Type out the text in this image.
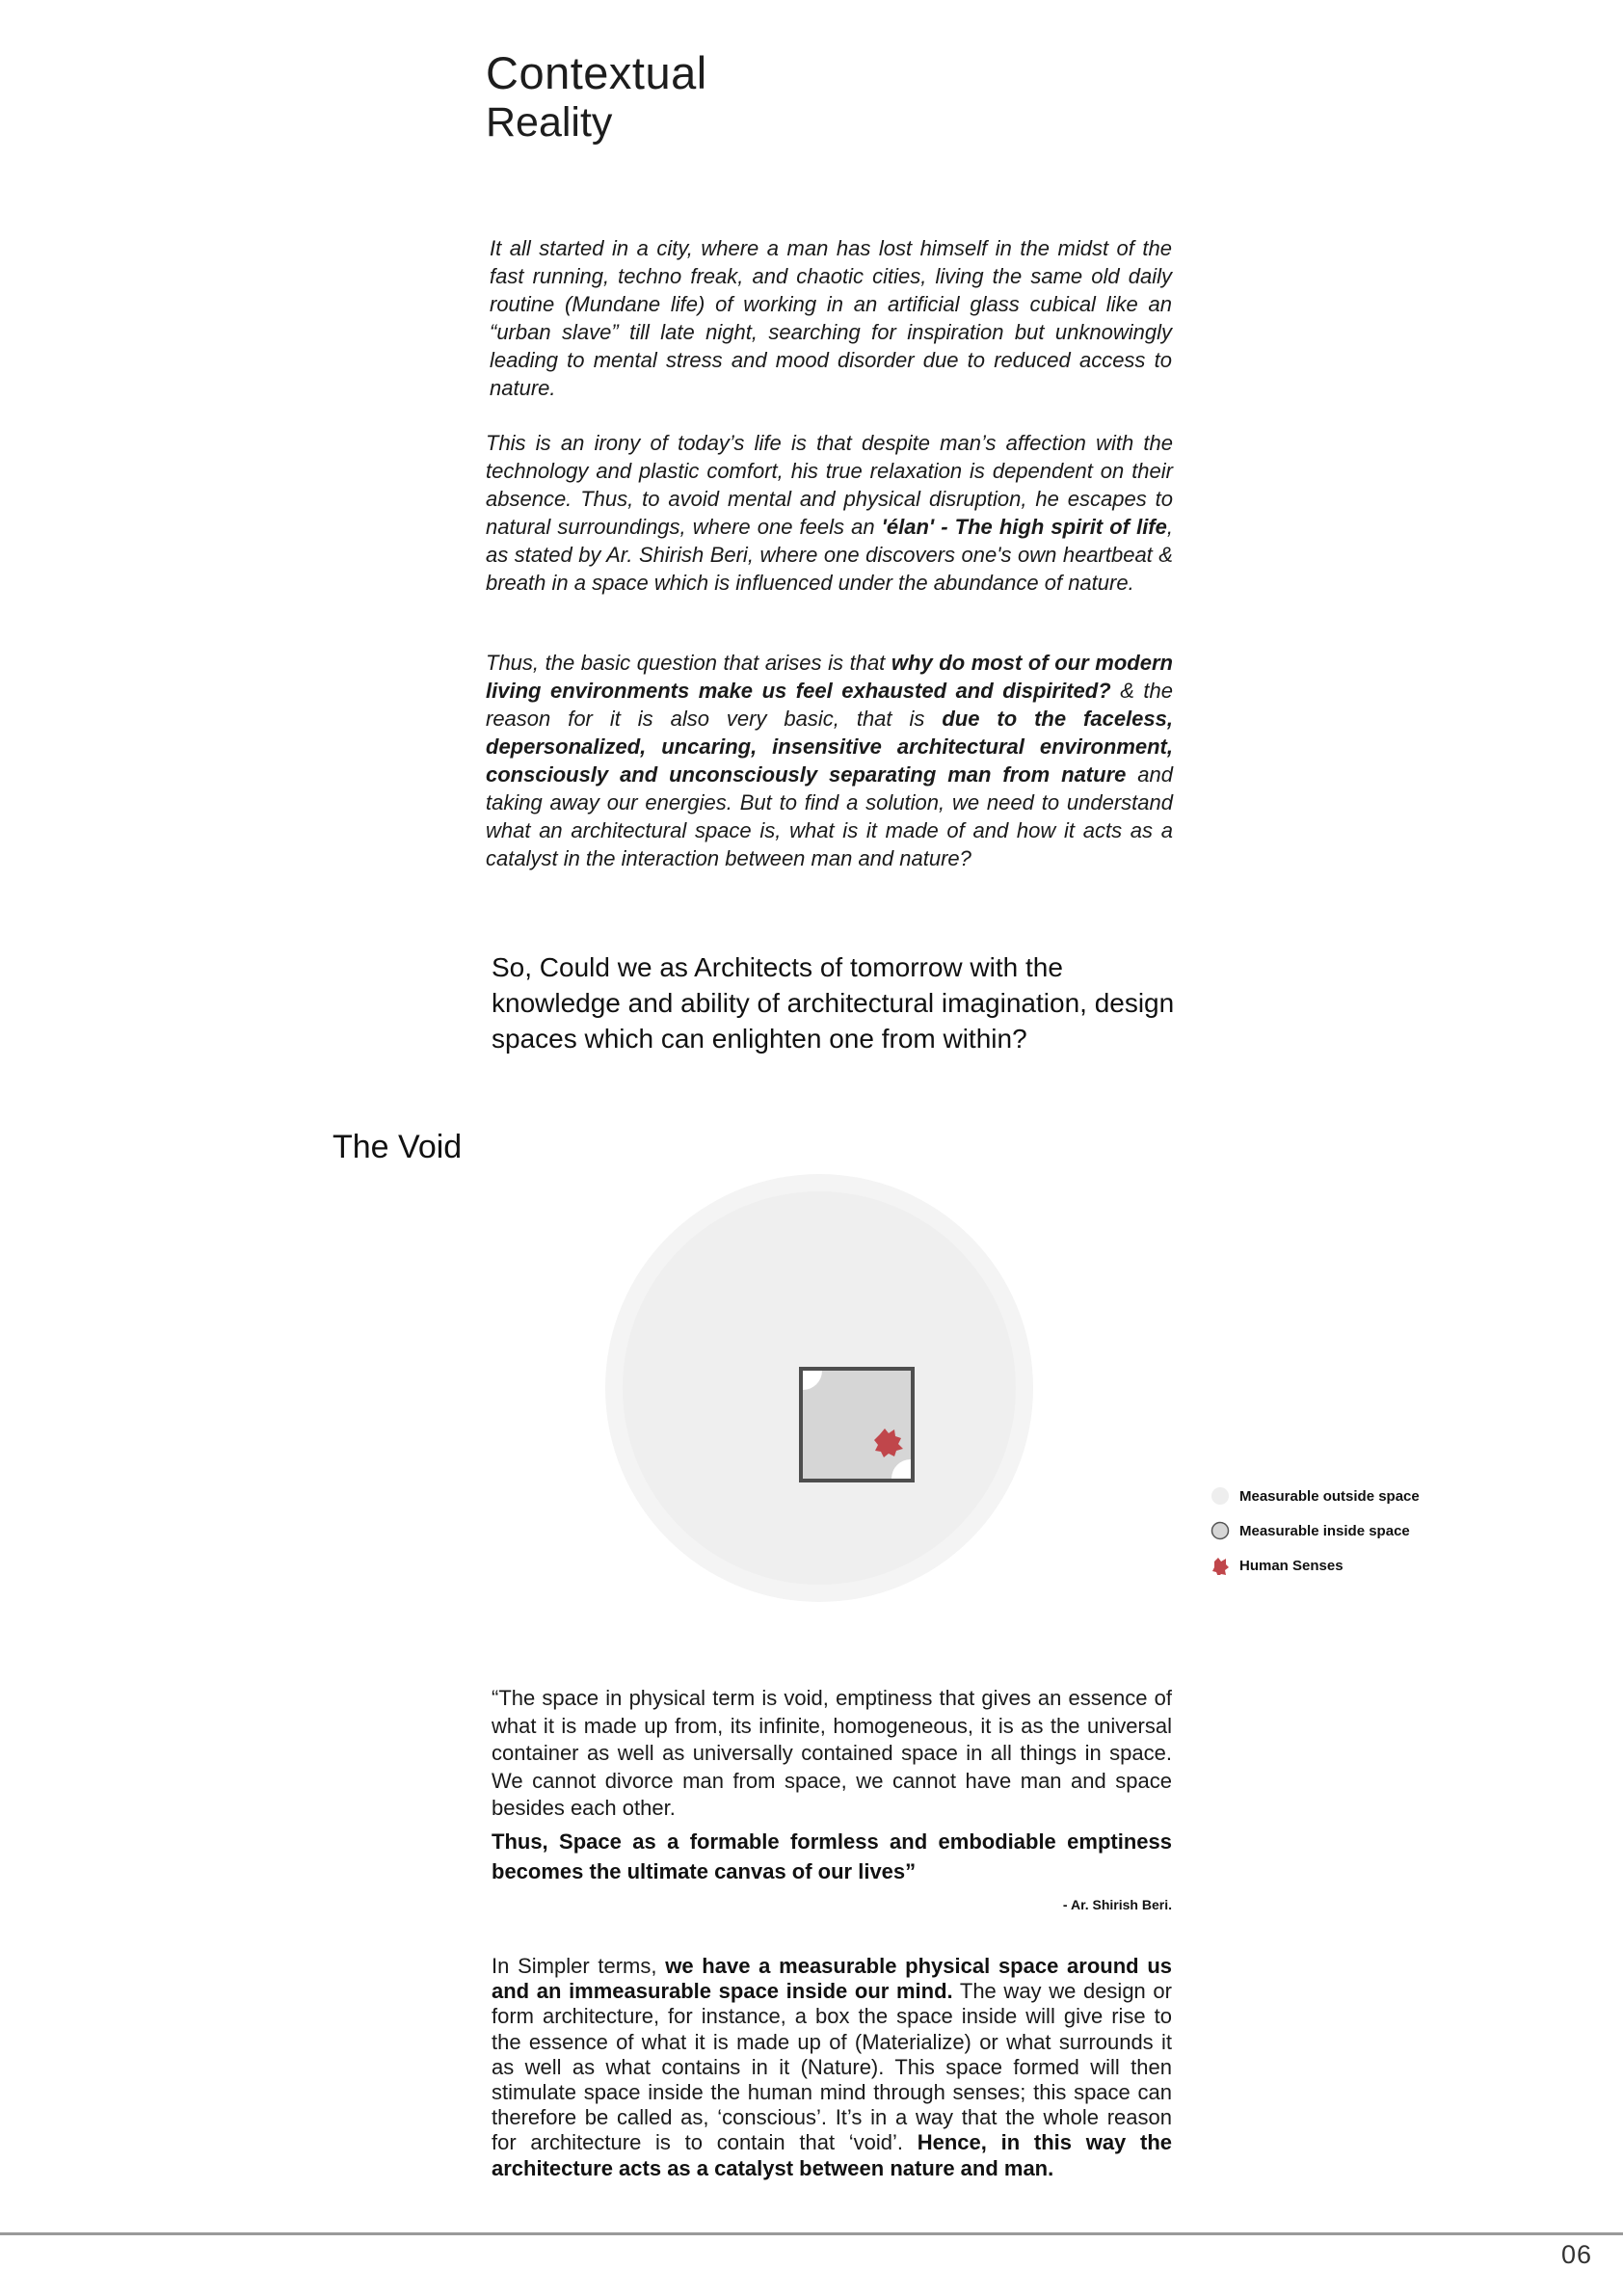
Contextual
Reality
It all started in a city, where a man has lost himself in the midst of the fast running, techno freak, and chaotic cities, living the same old daily routine (Mundane life) of working in an artificial glass cubical like an “urban slave” till late night, searching for inspiration but unknowingly leading to mental stress and mood disorder due to reduced access to nature.
This is an irony of today’s life is that despite man’s affection with the technology and plastic comfort, his true relaxation is dependent on their absence. Thus, to avoid mental and physical disruption, he escapes to natural surroundings, where one feels an 'élan' - The high spirit of life, as stated by Ar. Shirish Beri, where one discovers one's own heartbeat & breath in a space which is influenced under the abundance of nature.
Thus, the basic question that arises is that why do most of our modern living environments make us feel exhausted and dispirited? & the reason for it is also very basic, that is due to the faceless, depersonalized, uncaring, insensitive architectural environment, consciously and unconsciously separating man from nature and taking away our energies. But to find a solution, we need to understand what an architectural space is, what is it made of and how it acts as a catalyst in the interaction between man and nature?
So, Could we as Architects of tomorrow with the knowledge and ability of architectural imagination, design spaces which can enlighten one from within?
The Void
Measurable outside space
Measurable inside space
Human Senses
“The space in physical term is void, emptiness that gives an essence of what it is made up from, its infinite, homogeneous, it is as the universal container as well as universally contained space in all things in space. We cannot divorce man from space, we cannot have man and space besides each other.
Thus, Space as a formable formless and embodiable emptiness becomes the ultimate canvas of our lives”
- Ar. Shirish Beri.
In Simpler terms, we have a measurable physical space around us and an immeasurable space inside our mind. The way we design or form architecture, for instance, a box the space inside will give rise to the essence of what it is made up of (Materialize) or what surrounds it as well as what contains in it (Nature). This space formed will then stimulate space inside the human mind through senses; this space can therefore be called as, ‘conscious’. It’s in a way that the whole reason for architecture is to contain that ‘void’. Hence, in this way the architecture acts as a catalyst between nature and man.
06
